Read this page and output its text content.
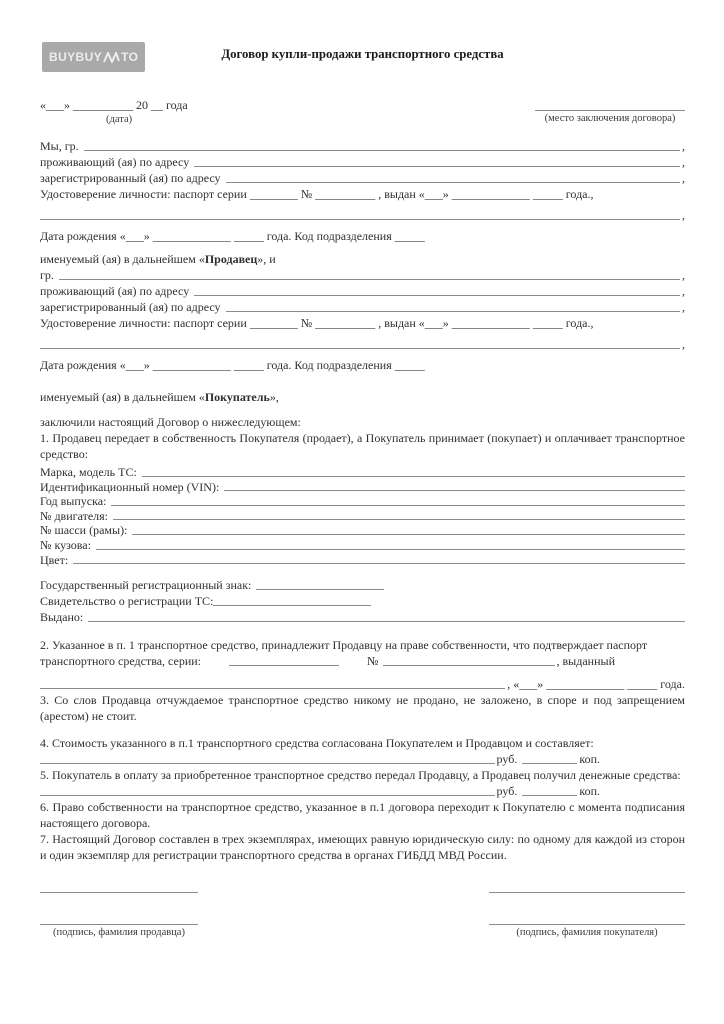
BUYBUY TO	Договор купли-продажи транспортного средства
«___» __________ 20 __ года
(дата)	(место заключения договора)
Мы, гр.	,
проживающий (ая) по адресу	,
зарегистрированный (ая) по адресу	,
Удостоверение личности: паспорт серии ________ № __________ , выдан «___» _____________ _____ года.,
,
Дата рождения «___» _____________ _____ года. Код подразделения _____
именуемый (ая) в дальнейшем «Продавец», и
гр.	,
проживающий (ая) по адресу	,
зарегистрированный (ая) по адресу	,
Удостоверение личности: паспорт серии ________ № __________ , выдан «___» _____________ _____ года.,
,
Дата рождения «___» _____________ _____ года. Код подразделения _____
именуемый (ая) в дальнейшем «Покупатель»,
заключили настоящий Договор о нижеследующем:

1. Продавец передает в собственность Покупателя (продает), а Покупатель принимает (покупает) и оплачивает транспортное средство:

Марка, модель ТС:
Идентификационный номер (VIN):
Год выпуска:
№ двигателя:
№ шасси (рамы):
№ кузова:
Цвет:
Государственный регистрационный знак:
Свидетельство о регистрации ТС:
Выдано:
2. Указанное в п. 1 транспортное средство, принадлежит Продавцу на праве собственности, что подтверждает паспорт
транспортного средства, серии:	№	, выданный
, «___» _____________ _____ года.

3. Со слов Продавца отчуждаемое транспортное средство никому не продано, не заложено, в споре и под запрещением (арестом) не стоит.

4. Стоимость указанного в п.1 транспортного средства согласована Покупателем и Продавцом и составляет:
руб.	коп.

5. Покупатель в оплату за приобретенное транспортное средство передал Продавцу, а Продавец получил денежные средства:

руб.	коп.

6. Право собственности на транспортное средство, указанное в п.1 договора переходит к Покупателю с момента подписания настоящего договора.

7. Настоящий Договор составлен в трех экземплярах, имеющих равную юридическую силу: по одному для каждой из сторон и один экземпляр для регистрации транспортного средства в органах ГИБДД МВД России.

(подпись, фамилия продавца)	(подпись, фамилия покупателя)
